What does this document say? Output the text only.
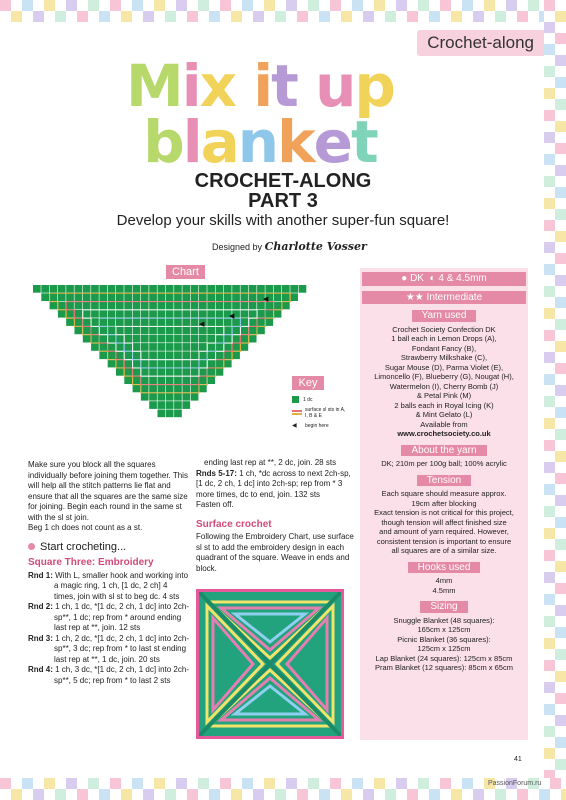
Crochet-along
Mix it up
blanket
CROCHET-ALONG
PART 3
Develop your skills with another super-fun square!
Designed by Charlotte Vosser
Chart
◀
◀
◀
Key
1 dc
surface sl sts in A, I, B & E
◀	begin here

Make sure you block all the squares individually before joining them together. This will help all the stitch patterns lie flat and ensure that all the squares are the same size for joining. Begin each round in the same st with the sl st join.

Beg 1 ch does not count as a st.

Start crocheting...
Square Three: Embroidery

Rnd 1: With L, smaller hook and working into a magic ring, 1 ch, [1 dc, 2 ch] 4 times, join with sl st to beg dc. 4 sts

Rnd 2: 1 ch, 1 dc, *[1 dc, 2 ch, 1 dc] into 2ch-sp**, 1 dc; rep from * around ending last rep at **, join. 12 sts

Rnd 3: 1 ch, 2 dc, *[1 dc, 2 ch, 1 dc] into 2ch-sp**, 3 dc; rep from * to last st ending last rep at **, 1 dc, join. 20 sts

Rnd 4: 1 ch, 3 dc, *[1 dc, 2 ch, 1 dc] into 2ch-sp**, 5 dc; rep from * to last 2 sts

ending last rep at **, 2 dc, join. 28 sts

Rnds 5-17: 1 ch, *dc across to next 2ch-sp, [1 dc, 2 ch, 1 dc] into 2ch-sp; rep from * 3 more times, dc to end, join. 132 sts

Fasten off.

Surface crochet

Following the Embroidery Chart, use surface sl st to add the embroidery design in each quadrant of the square. Weave in ends and block.

● DK ◐ 4 & 4.5mm
★★ Intermediate
Yarn used

Crochet Society Confection DK

1 ball each in Lemon Drops (A),

Fondant Fancy (B),

Strawberry Milkshake (C),

Sugar Mouse (D), Parma Violet (E),

Limoncello (F), Blueberry (G), Nougat (H),

Watermelon (I), Cherry Bomb (J)

& Petal Pink (M)

2 balls each in Royal Icing (K)

& Mint Gelato (L)

Available from

www.crochetsociety.co.uk

About the yarn

DK; 210m per 100g ball; 100% acrylic

Tension

Each square should measure approx.

19cm after blocking

Exact tension is not critical for this project,

though tension will affect finished size

and amount of yarn required. However,

consistent tension is important to ensure

all squares are of a similar size.

Hooks used

4mm

4.5mm

Sizing

Snuggle Blanket (48 squares):

165cm x 125cm

Picnic Blanket (36 squares):

125cm x 125cm

Lap Blanket (24 squares): 125cm x 85cm

Pram Blanket (12 squares): 85cm x 65cm

41
PassionForum.ru
